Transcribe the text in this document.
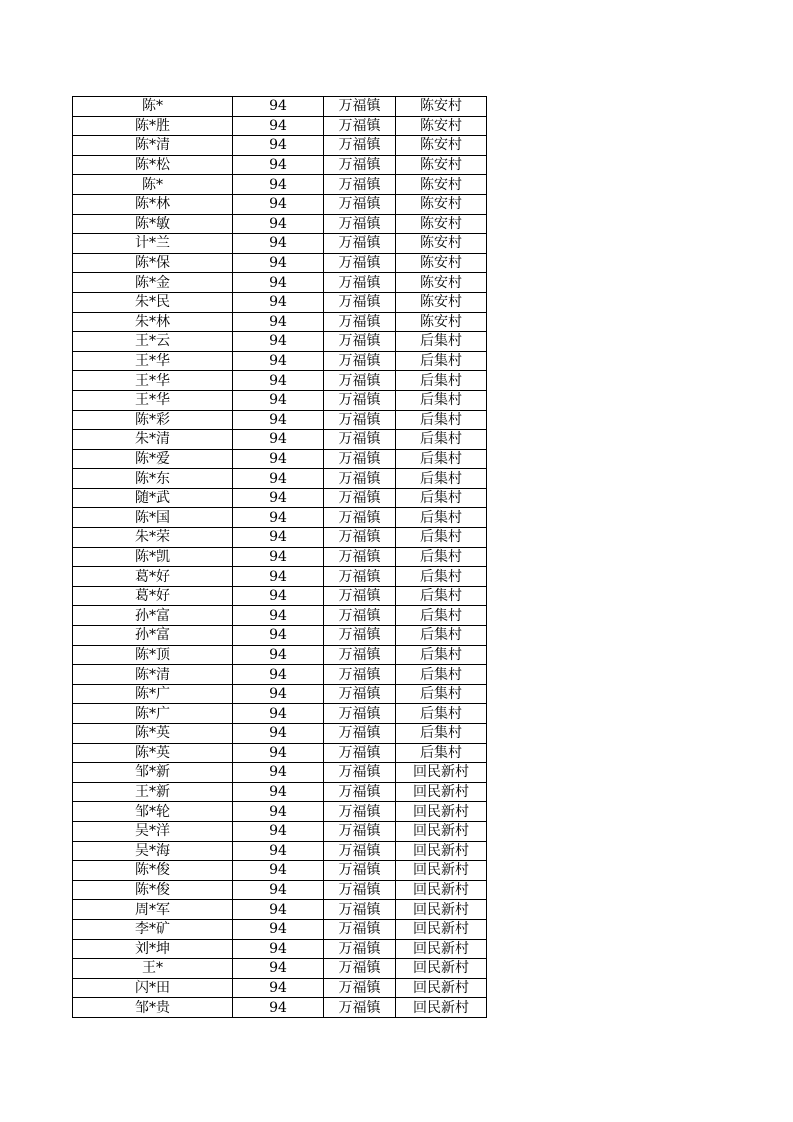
陈*	94	万福镇	陈安村
陈*胜	94	万福镇	陈安村
陈*清	94	万福镇	陈安村
陈*松	94	万福镇	陈安村
陈*	94	万福镇	陈安村
陈*林	94	万福镇	陈安村
陈*敏	94	万福镇	陈安村
计*兰	94	万福镇	陈安村
陈*保	94	万福镇	陈安村
陈*金	94	万福镇	陈安村
朱*民	94	万福镇	陈安村
朱*林	94	万福镇	陈安村
王*云	94	万福镇	后集村
王*华	94	万福镇	后集村
王*华	94	万福镇	后集村
王*华	94	万福镇	后集村
陈*彩	94	万福镇	后集村
朱*清	94	万福镇	后集村
陈*爱	94	万福镇	后集村
陈*东	94	万福镇	后集村
随*武	94	万福镇	后集村
陈*国	94	万福镇	后集村
朱*荣	94	万福镇	后集村
陈*凯	94	万福镇	后集村
葛*好	94	万福镇	后集村
葛*好	94	万福镇	后集村
孙*富	94	万福镇	后集村
孙*富	94	万福镇	后集村
陈*顶	94	万福镇	后集村
陈*清	94	万福镇	后集村
陈*广	94	万福镇	后集村
陈*广	94	万福镇	后集村
陈*英	94	万福镇	后集村
陈*英	94	万福镇	后集村
邹*新	94	万福镇	回民新村
王*新	94	万福镇	回民新村
邹*轮	94	万福镇	回民新村
吴*洋	94	万福镇	回民新村
吴*海	94	万福镇	回民新村
陈*俊	94	万福镇	回民新村
陈*俊	94	万福镇	回民新村
周*军	94	万福镇	回民新村
李*矿	94	万福镇	回民新村
刘*坤	94	万福镇	回民新村
王*	94	万福镇	回民新村
闪*田	94	万福镇	回民新村
邹*贵	94	万福镇	回民新村
